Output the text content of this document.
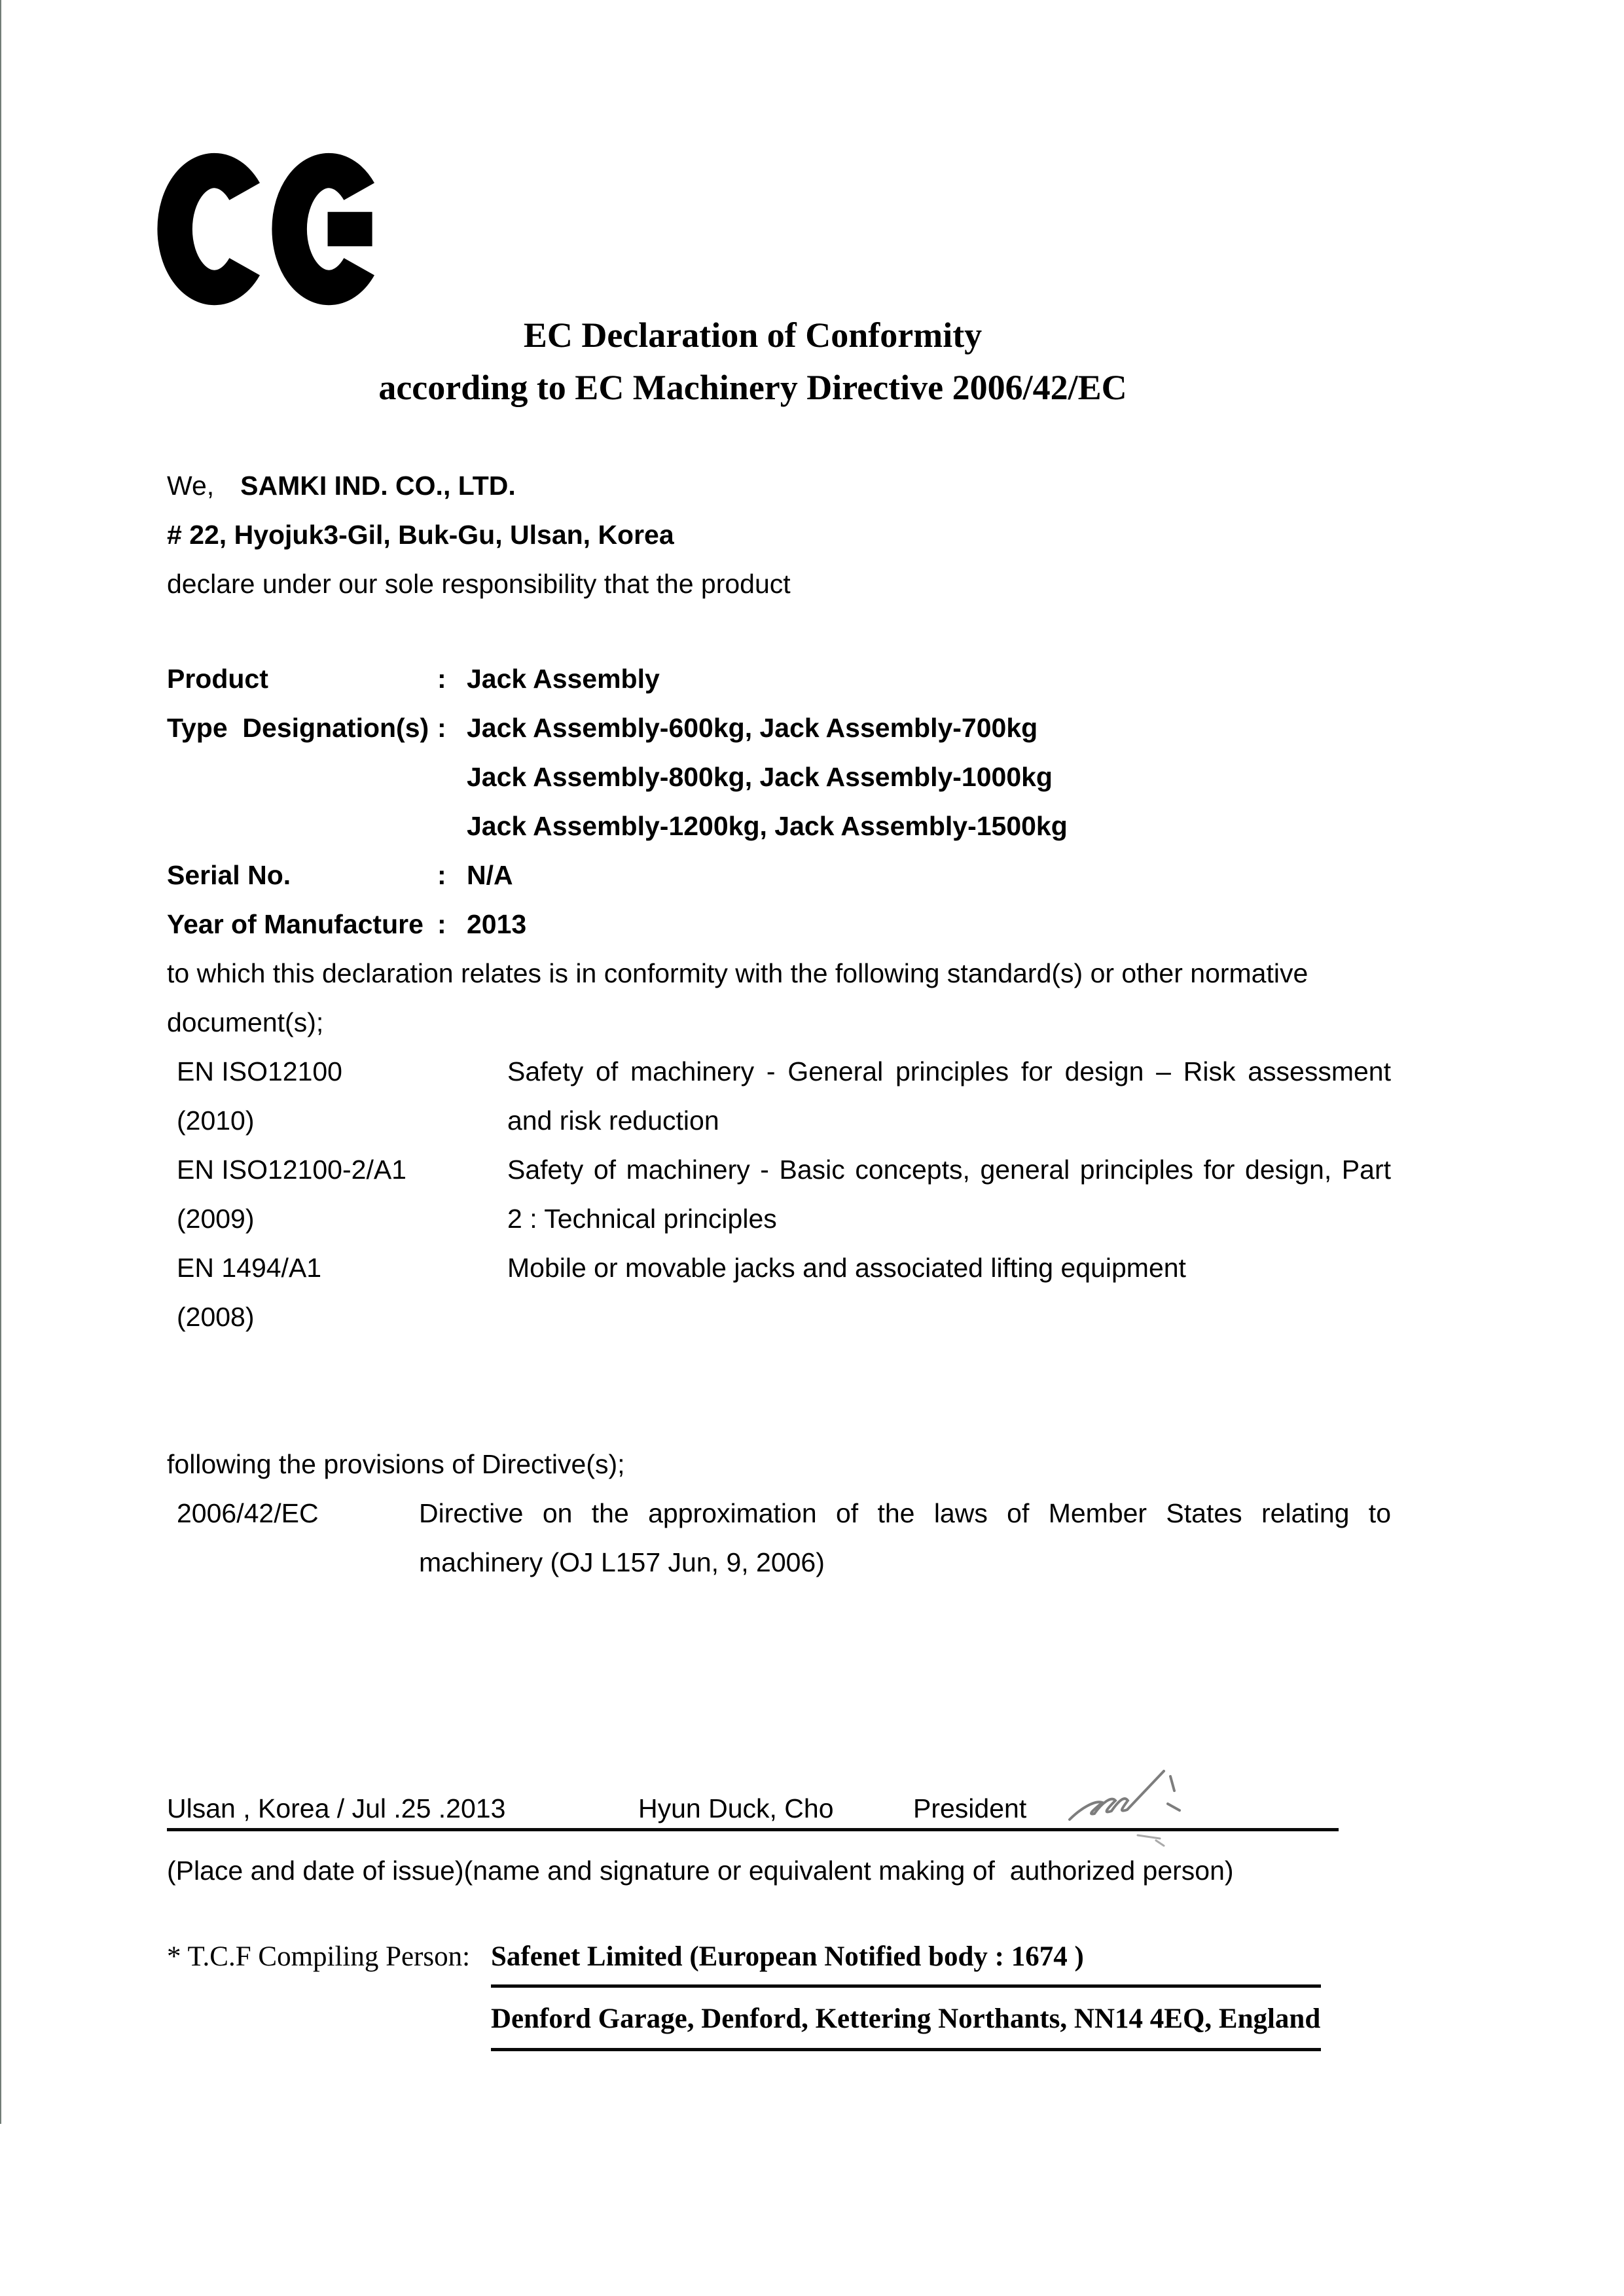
EC Declaration of Conformity
according to EC Machinery Directive 2006/42/EC
We, SAMKI IND. CO., LTD.
# 22, Hyojuk3-Gil, Buk-Gu, Ulsan, Korea
declare under our sole responsibility that the product
Product	: Jack Assembly
Type  Designation(s) : Jack Assembly-600kg, Jack Assembly-700kg
Jack Assembly-800kg, Jack Assembly-1000kg
Jack Assembly-1200kg, Jack Assembly-1500kg
Serial No.	: N/A
Year of Manufacture : 2013
to which this declaration relates is in conformity with the following standard(s) or other normative
document(s);
EN ISO12100	Safety of machinery - General principles for design – Risk assessment
(2010)	and risk reduction
EN ISO12100-2/A1	Safety of machinery - Basic concepts, general principles for design, Part
(2009)	2 : Technical principles
EN 1494/A1	Mobile or movable jacks and associated lifting equipment
(2008)
following the provisions of Directive(s);
2006/42/EC	Directive on the approximation of the laws of Member States relating to
machinery (OJ L157 Jun, 9, 2006)
Ulsan , Korea / Jul .25 .2013	Hyun Duck, Cho	President
(Place and date of issue)(name and signature or equivalent making of  authorized person)
* T.C.F Compiling Person: Safenet Limited (European Notified body : 1674 )
Denford Garage, Denford, Kettering Northants, NN14 4EQ, England
